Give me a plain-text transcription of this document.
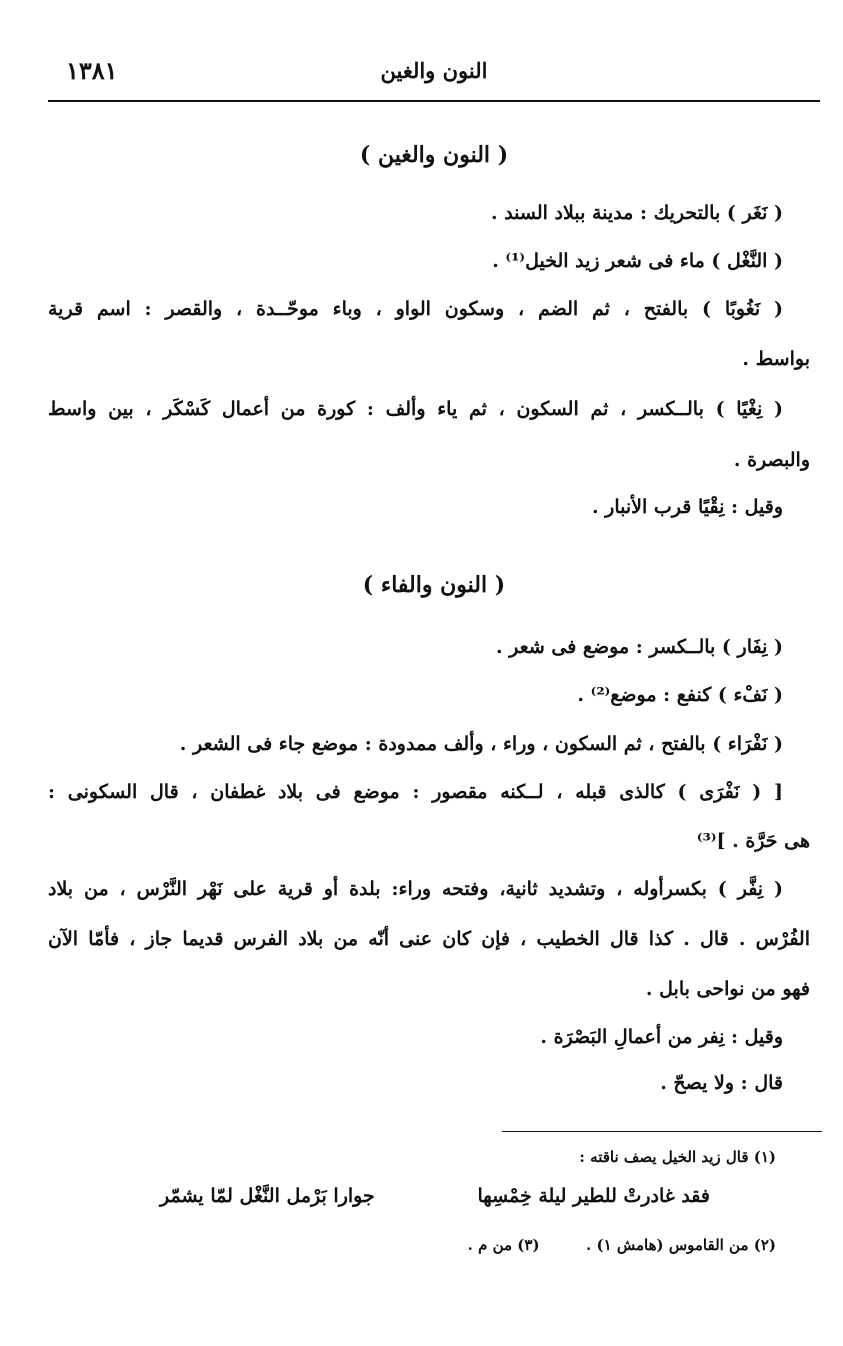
النون والغين
١٣٨١
( النون والغين )
( نَغَر ) بالتحريك : مدينة ببلاد السند .
( النَّغْل ) ماء فى شعر زيد الخيل⁽¹⁾ .
( نَغُوبًا ) بالفتح ، ثم الضم ، وسكون الواو ، وباء موحّــدة ، والقصر : اسم قرية
بواسط .
( نِغْيًا ) بالــكسر ، ثم السكون ، ثم ياء وألف : كورة من أعمال كَسْكَر ، بين واسط
والبصرة .
وقيل : نِقْيًا قرب الأنبار .
( النون والفاء )
( نِفَار ) بالــكسر : موضع فى شعر .
( نَفْء ) كنفع : موضع⁽²⁾ .
( نَفْرَاء ) بالفتح ، ثم السكون ، وراء ، وألف ممدودة : موضع جاء فى الشعر .
[ ( نَفْرَى ) كالذى قبله ، لــكنه مقصور : موضع فى بلاد غطفان ، قال السكونى :
هى حَرَّة . ]⁽³⁾
( نِفَّر ) بكسرأوله ، وتشديد ثانية، وفتحه وراء: بلدة أو قرية على نَهْر النَّرْس ، من بلاد
الفُرْس . قال . كذا قال الخطيب ، فإن كان عنى أنّه من بلاد الفرس قديما جاز ، فأمّا الآن
فهو من نواحى بابل .
وقيل : نِفر من أعمالِ البَصْرَة .
قال : ولا يصحّ .
(١) قال زيد الخيل يصف ناقته :
فقد غادرتْ للطير ليلة خِمْسِها
جوارا بَرْمل النَّغْل لمّا يشمّر
(٢) من القاموس (هامش ١) .  (٣) من م .
